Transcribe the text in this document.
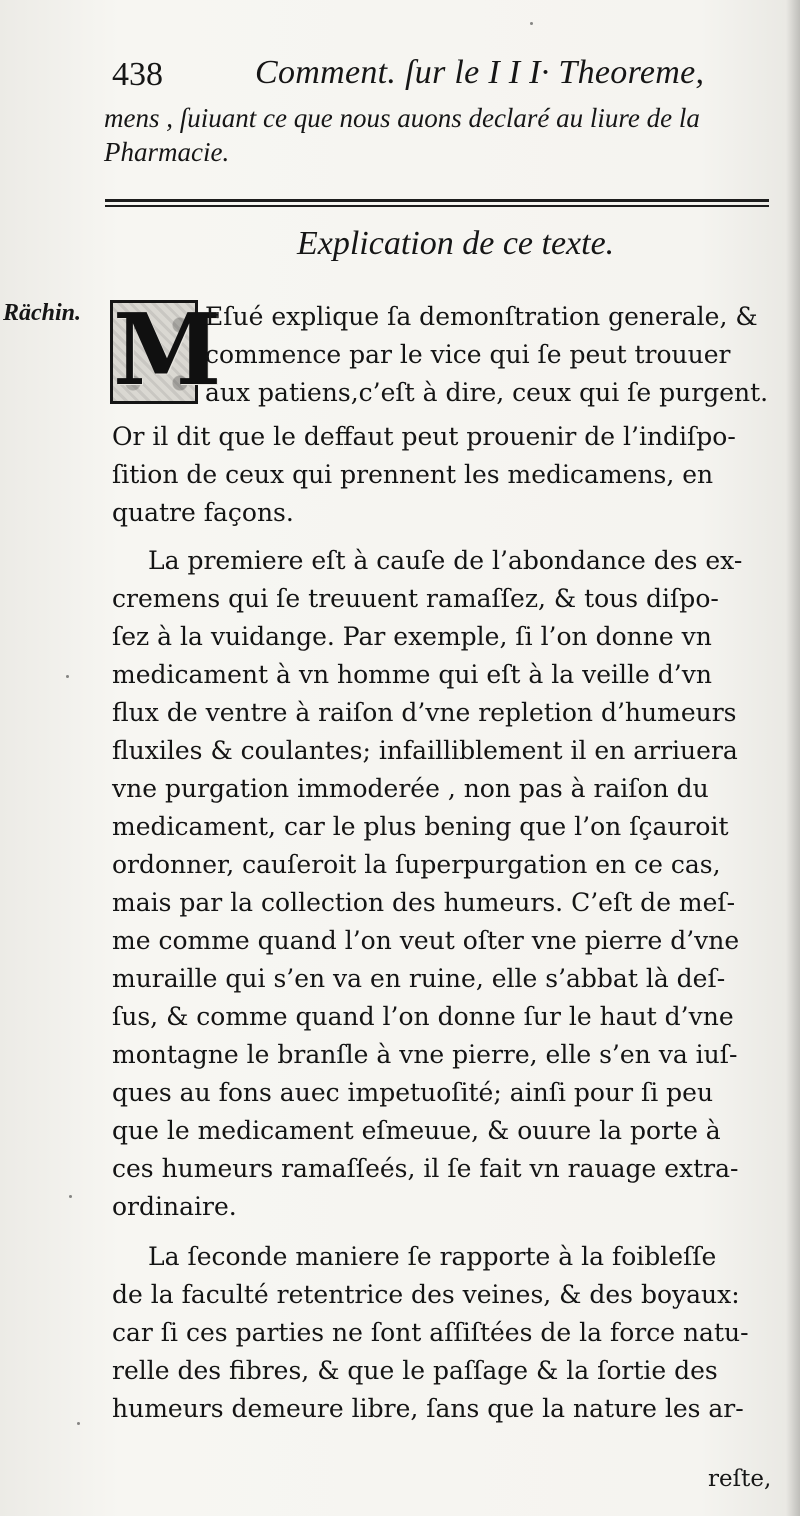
438	Comment. ſur le I I I· Theoreme,
mens , ſuiuant ce que nous auons declaré au liure de la
Pharmacie.
Explication de ce texte.
Rächin. M
Eſué explique ſa demonſtration generale, &
commence par le vice qui ſe peut trouuer
aux patiens,c’eſt à dire, ceux qui ſe purgent.
Or il dit que le deffaut peut prouenir de l’indiſpo-
ſition de ceux qui prennent les medicamens, en
quatre façons.
La premiere eſt à cauſe de l’abondance des ex-
cremens qui ſe treuuent ramaſſez, & tous diſpo-
ſez à la vuidange. Par exemple, ſi l’on donne vn
medicament à vn homme qui eſt à la veille d’vn
flux de ventre à raiſon d’vne repletion d’humeurs
fluxiles & coulantes; infailliblement il en arriuera
vne purgation immoderée , non pas à raiſon du
medicament, car le plus bening que l’on ſçauroit
ordonner, cauſeroit la ſuperpurgation en ce cas,
mais par la collection des humeurs. C’eſt de meſ-
me comme quand l’on veut oſter vne pierre d’vne
muraille qui s’en va en ruine, elle s’abbat là deſ-
ſus, & comme quand l’on donne ſur le haut d’vne
montagne le branſle à vne pierre, elle s’en va iuſ-
ques au fons auec impetuoſité; ainſi pour ſi peu
que le medicament eſmeuue, & ouure la porte à
ces humeurs ramaſſeés, il ſe fait vn rauage extra-
ordinaire.
La ſeconde maniere ſe rapporte à la foibleſſe
de la faculté retentrice des veines, & des boyaux:
car ſi ces parties ne ſont aſſiſtées de la force natu-
relle des fibres, & que le paſſage & la ſortie des
humeurs demeure libre, ſans que la nature les ar-
reſte,
